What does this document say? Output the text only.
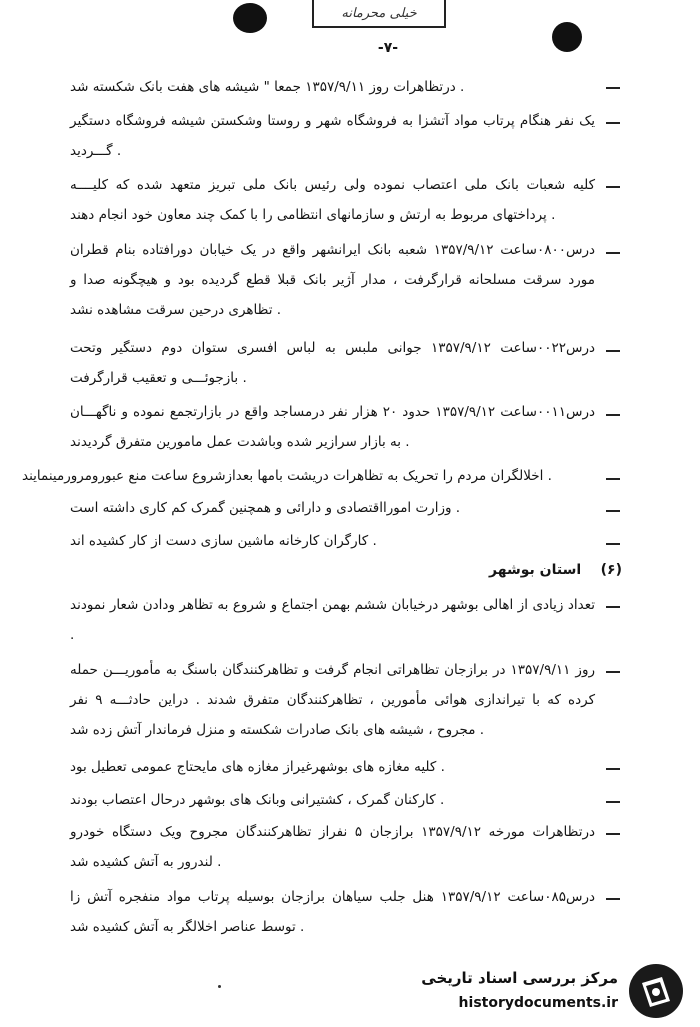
خیلی محرمانه
-۷-
درتظاهرات روز ۱۳۵۷/۹/۱۱ جمعا " شیشه های هفت بانک شکسته شد .
یک نفر هنگام پرتاب مواد آتشزا به فروشگاه شهر و روستا وشکستن شیشه فروشگاه دستگیر گـــردید .
کلیه شعبات بانک ملی اعتصاب نموده ولی رئیس بانک ملی تبریز متعهد شده که کلیــــه پرداختهای مربوط به ارتش و سازمانهای انتظامی را با کمک چند معاون خود انجام دهند .
درس۰۸۰۰ساعت ۱۳۵۷/۹/۱۲ شعبه بانک ایرانشهر واقع در یک خیابان دورافتاده بنام قطران مورد سرقت مسلحانه قرارگرفت ، مدار آژیر بانک قبلا قطع گردیده بود و هیچگونه صدا و تظاهری درحین سرقت مشاهده نشد .
درس۰۰۲۲ساعت ۱۳۵۷/۹/۱۲ جوانی ملبس به لباس افسری ستوان دوم دستگیر وتحت بازجوئـــی و تعقیب قرارگرفت .
درس۰۰۱۱ساعت ۱۳۵۷/۹/۱۲ حدود ۲۰ هزار نفر درمساجد واقع در بازارتجمع نموده و ناگهـــان به بازار سرازیر شده وباشدت عمل مامورین متفرق گردیدند .
اخلالگران مردم را تحریک به تظاهرات دریشت بامها بعدازشروع ساعت منع عبورومرورمینمایند .
وزارت امورااقتصادی و دارائی و همچنین گمرک کم کاری داشته است .
کارگران کارخانه ماشین سازی دست از کار کشیده اند .
(۶)    استان بوشهر
تعداد زیادی از اهالی بوشهر درخیابان ششم بهمن اجتماع و شروع به تظاهر ودادن شعار نمودند .
روز ۱۳۵۷/۹/۱۱ در برازجان تظاهراتی انجام گرفت و تظاهرکنندگان باسنگ به مأموریـــن حمله کرده که با تیراندازی هوائی مأمورین ، تظاهرکنندگان متفرق شدند . دراین حادثـــه ۹ نفر مجروح ، شیشه های بانک صادرات شکسته و منزل فرماندار آتش زده شد .
کلیه مغازه های بوشهرغیراز مغازه های مایحتاج عمومی تعطیل بود .
کارکنان گمرک ، کشتیرانی وبانک های بوشهر درحال اعتصاب بودند .
درتظاهرات مورخه ۱۳۵۷/۹/۱۲ برازجان ۵ نفراز تظاهرکنندگان مجروح ویک دستگاه خودرو لندرور به آتش کشیده شد .
درس۰۸۵ساعت ۱۳۵۷/۹/۱۲ هنل جلب سیاهان برازجان بوسیله پرتاب مواد منفجره آتش زا توسط عناصر اخلالگر به آتش کشیده شد .
مرکز بررسی اسناد تاریخی
historydocuments.ir
